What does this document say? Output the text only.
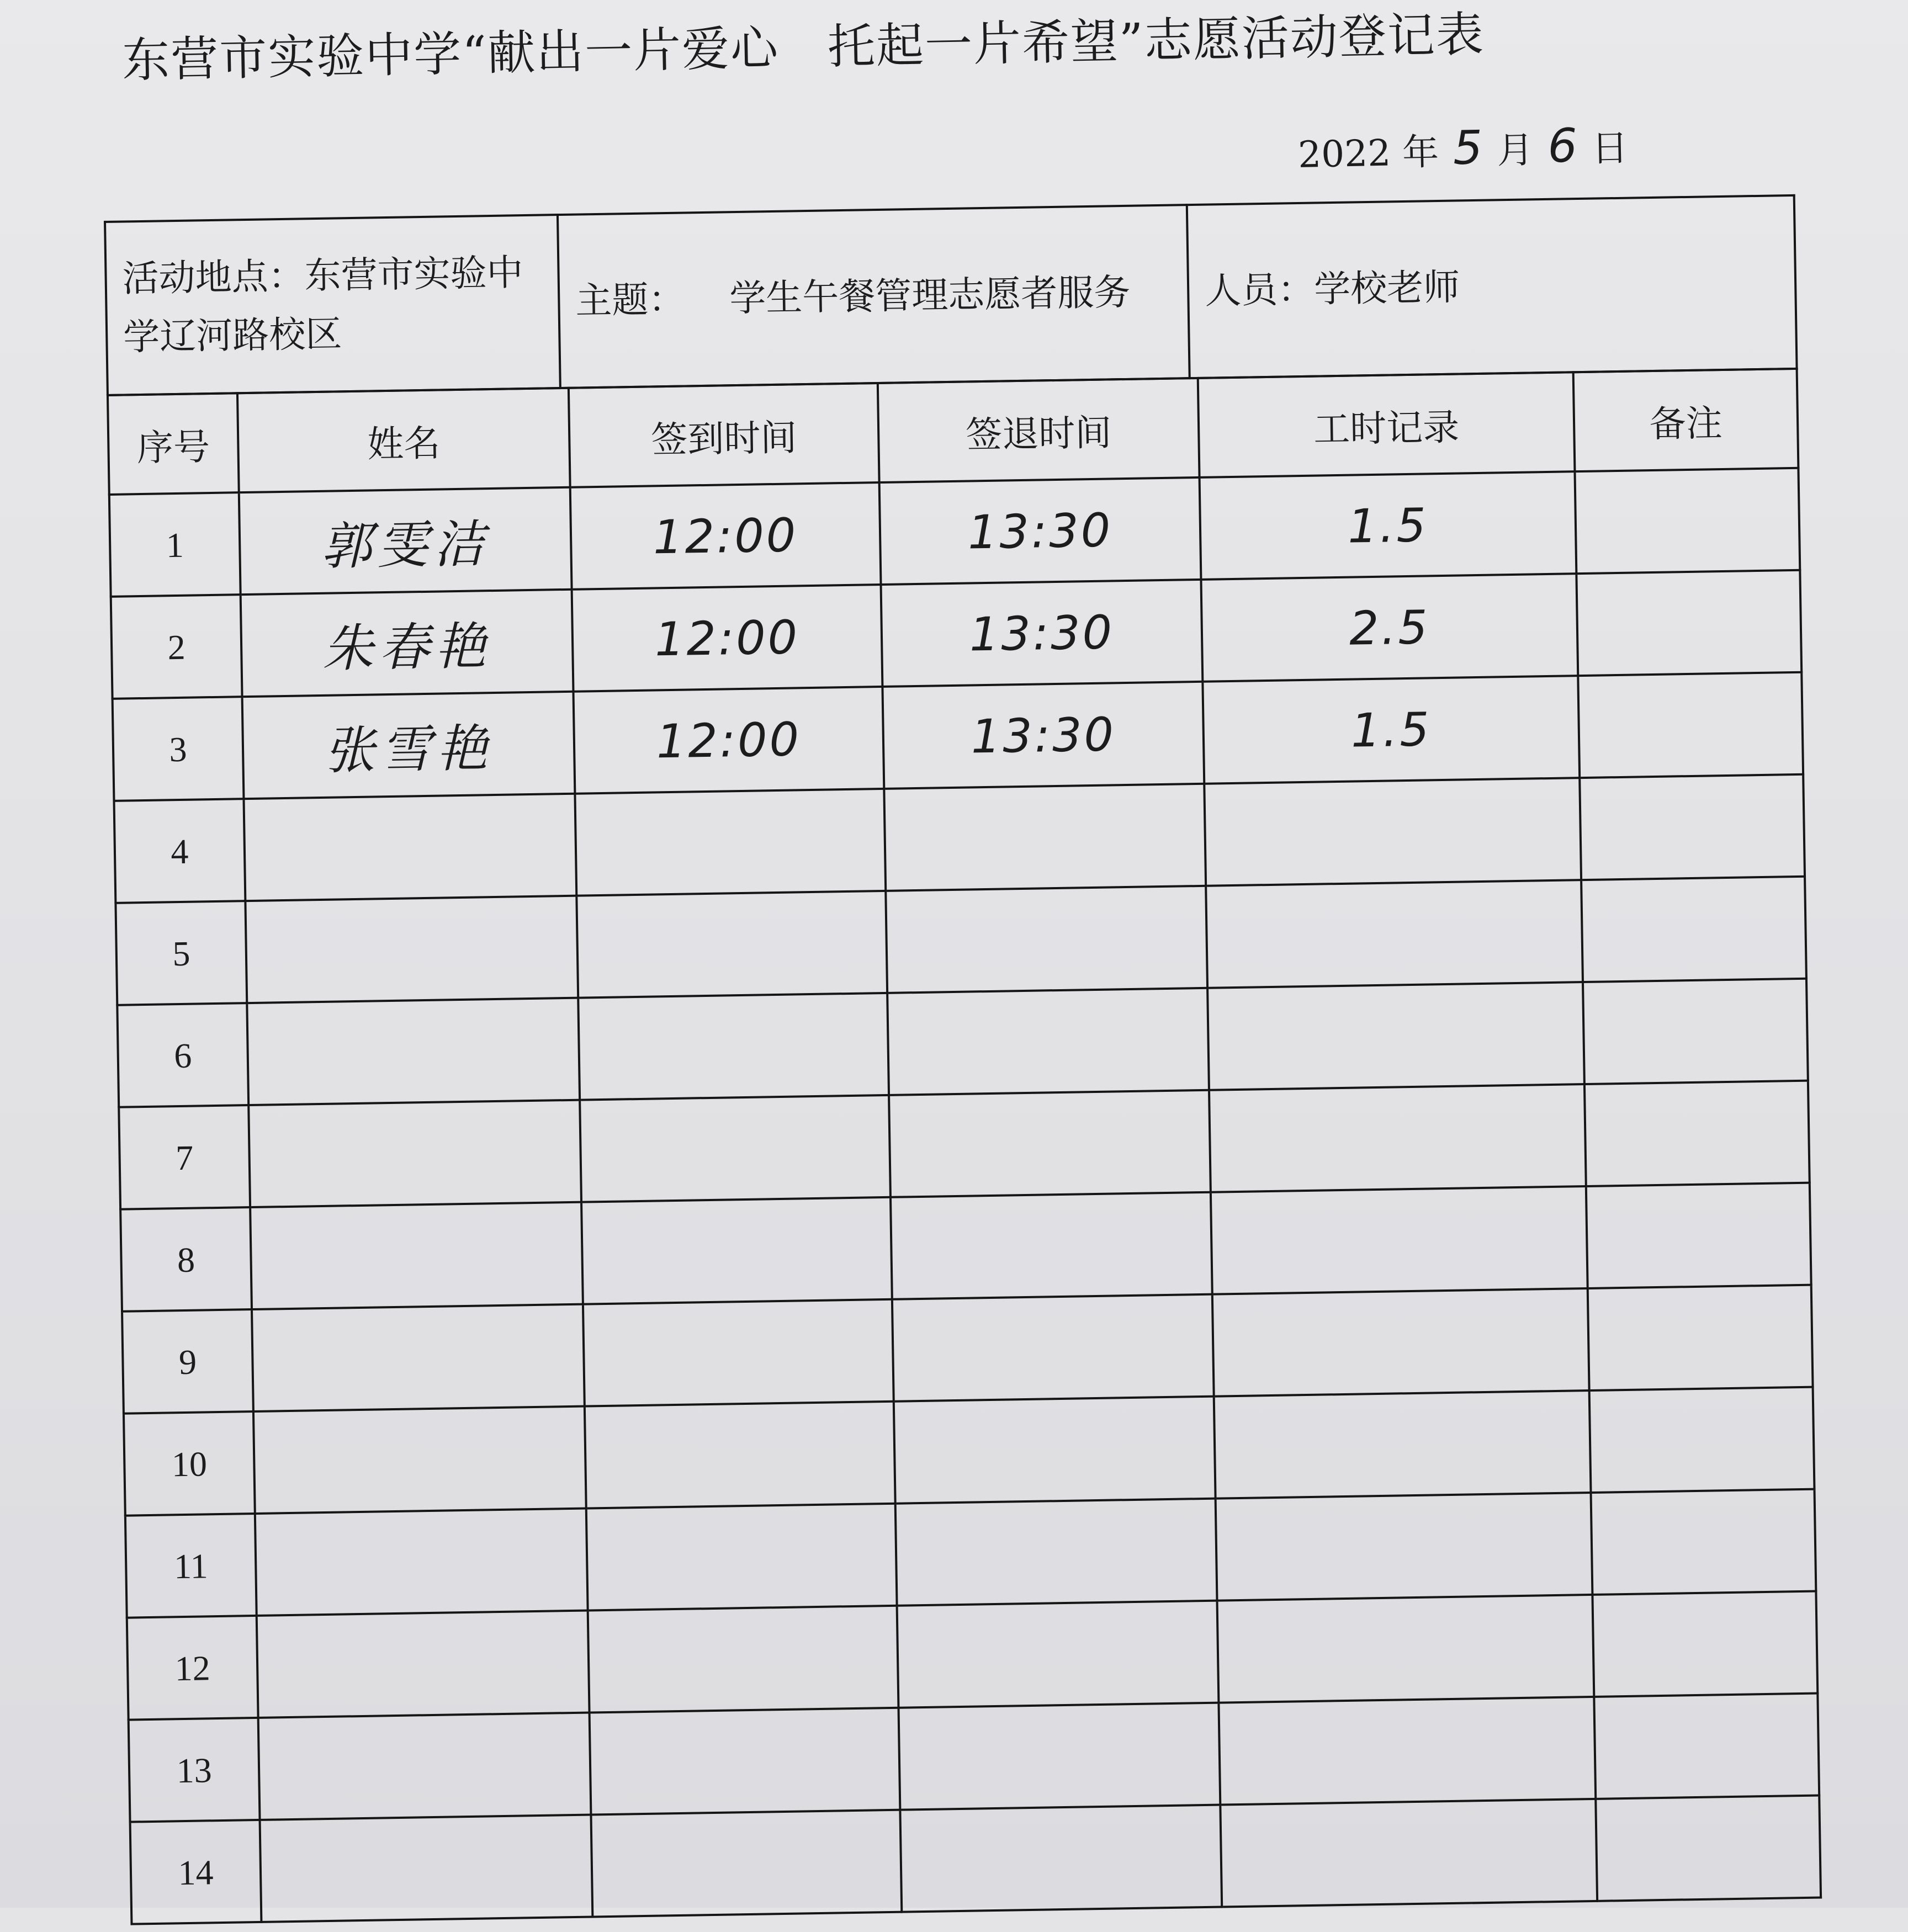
东营市实验中学“献出一片爱心　托起一片希望”志愿活动登记表
2022 年 5 月 6 日
活动地点：东营市实验中学辽河路校区	主题： 学生午餐管理志愿者服务	人员：学校老师
序号	姓名	签到时间	签退时间	工时记录	备注
1	郭雯洁	12:00	13:30	1.5	
2	朱春艳	12:00	13:30	2.5	
3	张雪艳	12:00	13:30	1.5	
4					
5					
6					
7					
8					
9					
10					
11					
12					
13					
14					
